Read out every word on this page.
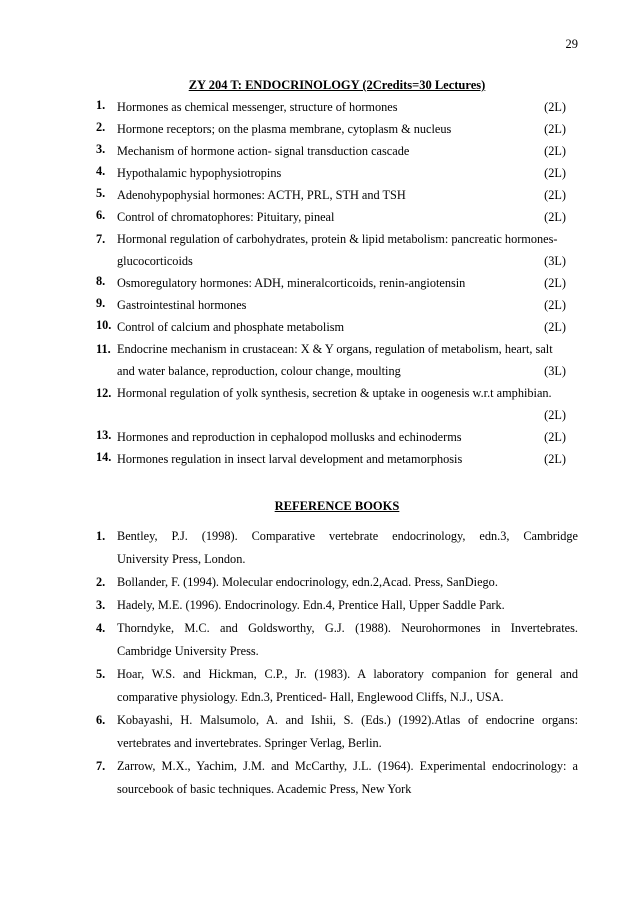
29
ZY 204 T: ENDOCRINOLOGY (2Credits=30 Lectures)
1. Hormones as chemical messenger, structure of hormones	(2L)
2. Hormone receptors; on the plasma membrane, cytoplasm & nucleus	(2L)
3. Mechanism of hormone action- signal transduction cascade	(2L)
4. Hypothalamic hypophysiotropins	(2L)
5. Adenohypophysial hormones: ACTH, PRL, STH and TSH	(2L)
6. Control of chromatophores: Pituitary, pineal	(2L)
7. Hormonal regulation of carbohydrates, protein & lipid metabolism: pancreatic hormones-
glucocorticoids	(3L)
8. Osmoregulatory hormones: ADH, mineralcorticoids, renin-angiotensin	(2L)
9. Gastrointestinal hormones	(2L)
10. Control of calcium and phosphate metabolism	(2L)
11. Endocrine mechanism in crustacean: X & Y organs, regulation of metabolism, heart, salt
and water balance, reproduction, colour change, moulting	(3L)
12. Hormonal regulation of yolk synthesis, secretion & uptake in oogenesis w.r.t amphibian.
(2L)

13. Hormones and reproduction in cephalopod mollusks and echinoderms	(2L)
14. Hormones regulation in insect larval development and metamorphosis	(2L)
REFERENCE BOOKS
1. Bentley, P.J. (1998). Comparative vertebrate endocrinology, edn.3, Cambridge
University Press, London.
2. Bollander, F. (1994). Molecular endocrinology, edn.2,Acad. Press, SanDiego.
3. Hadely, M.E. (1996). Endocrinology. Edn.4, Prentice Hall, Upper Saddle Park.
4. Thorndyke, M.C. and Goldsworthy, G.J. (1988). Neurohormones in Invertebrates.
Cambridge University Press.
5. Hoar, W.S. and Hickman, C.P., Jr. (1983). A laboratory companion for general and
comparative physiology. Edn.3, Prenticed- Hall, Englewood Cliffs, N.J., USA.
6. Kobayashi, H. Malsumolo, A. and Ishii, S. (Eds.) (1992).Atlas of endocrine organs:
vertebrates and invertebrates. Springer Verlag, Berlin.
7. Zarrow, M.X., Yachim, J.M. and McCarthy, J.L. (1964). Experimental endocrinology: a
sourcebook of basic techniques. Academic Press, New York
